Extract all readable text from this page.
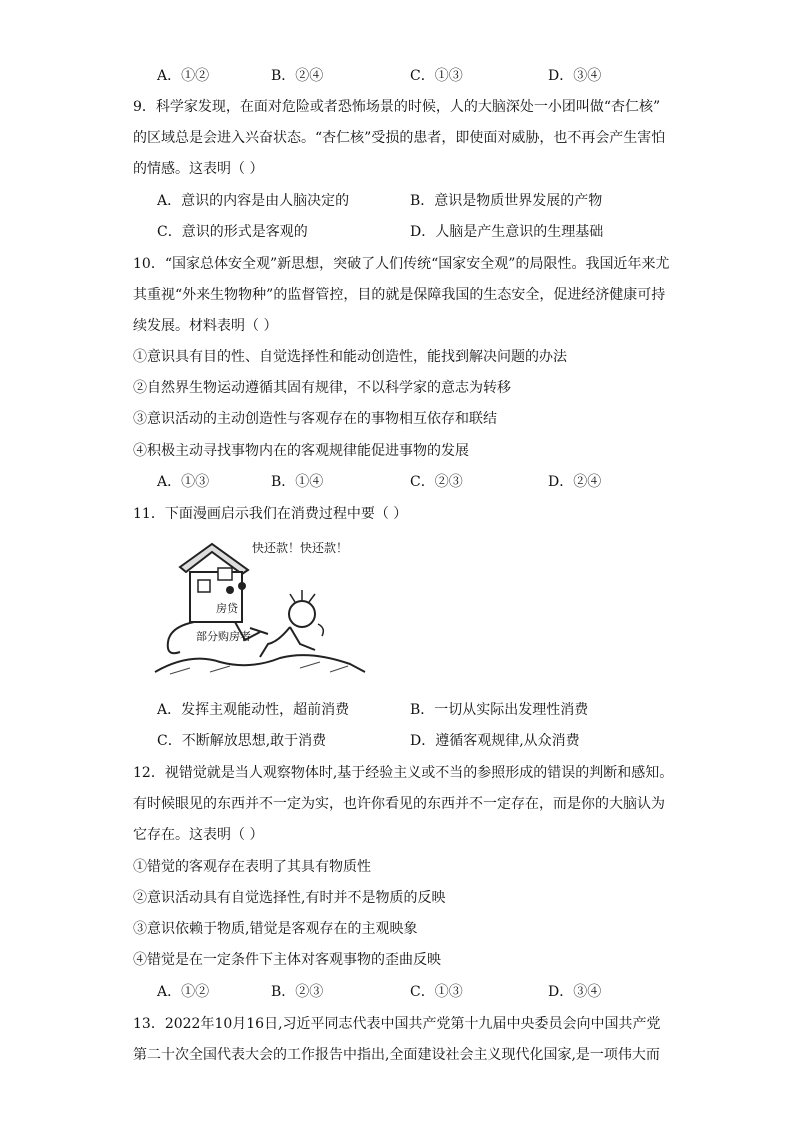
A．①②	B．②④	C．①③	D．③④
9．科学家发现，在面对危险或者恐怖场景的时候，人的大脑深处一小团叫做“杏仁核”
的区域总是会进入兴奋状态。“杏仁核”受损的患者，即使面对威胁，也不再会产生害怕
的情感。这表明（ ）
A．意识的内容是由人脑决定的	B．意识是物质世界发展的产物
C．意识的形式是客观的	D．人脑是产生意识的生理基础
10．“国家总体安全观”新思想，突破了人们传统“国家安全观”的局限性。我国近年来尤
其重视“外来生物物种”的监督管控，目的就是保障我国的生态安全，促进经济健康可持
续发展。材料表明（ ）
①意识具有目的性、自觉选择性和能动创造性，能找到解决问题的办法
②自然界生物运动遵循其固有规律，不以科学家的意志为转移
③意识活动的主动创造性与客观存在的事物相互依存和联结
④积极主动寻找事物内在的客观规律能促进事物的发展
A．①③	B．①④	C．②③	D．②④
11．下面漫画启示我们在消费过程中要（ ）
快还款！快还款！
房贷
部分购房者
A．发挥主观能动性，超前消费	B．一切从实际出发理性消费
C．不断解放思想,敢于消费	D．遵循客观规律,从众消费
12．视错觉就是当人观察物体时,基于经验主义或不当的参照形成的错误的判断和感知。
有时候眼见的东西并不一定为实，也许你看见的东西并不一定存在，而是你的大脑认为
它存在。这表明（ ）
①错觉的客观存在表明了其具有物质性
②意识活动具有自觉选择性,有时并不是物质的反映
③意识依赖于物质,错觉是客观存在的主观映象
④错觉是在一定条件下主体对客观事物的歪曲反映
A．①②	B．②③	C．①③	D．③④
13．2022年10月16日,习近平同志代表中国共产党第十九届中央委员会向中国共产党
第二十次全国代表大会的工作报告中指出,全面建设社会主义现代化国家,是一项伟大而
